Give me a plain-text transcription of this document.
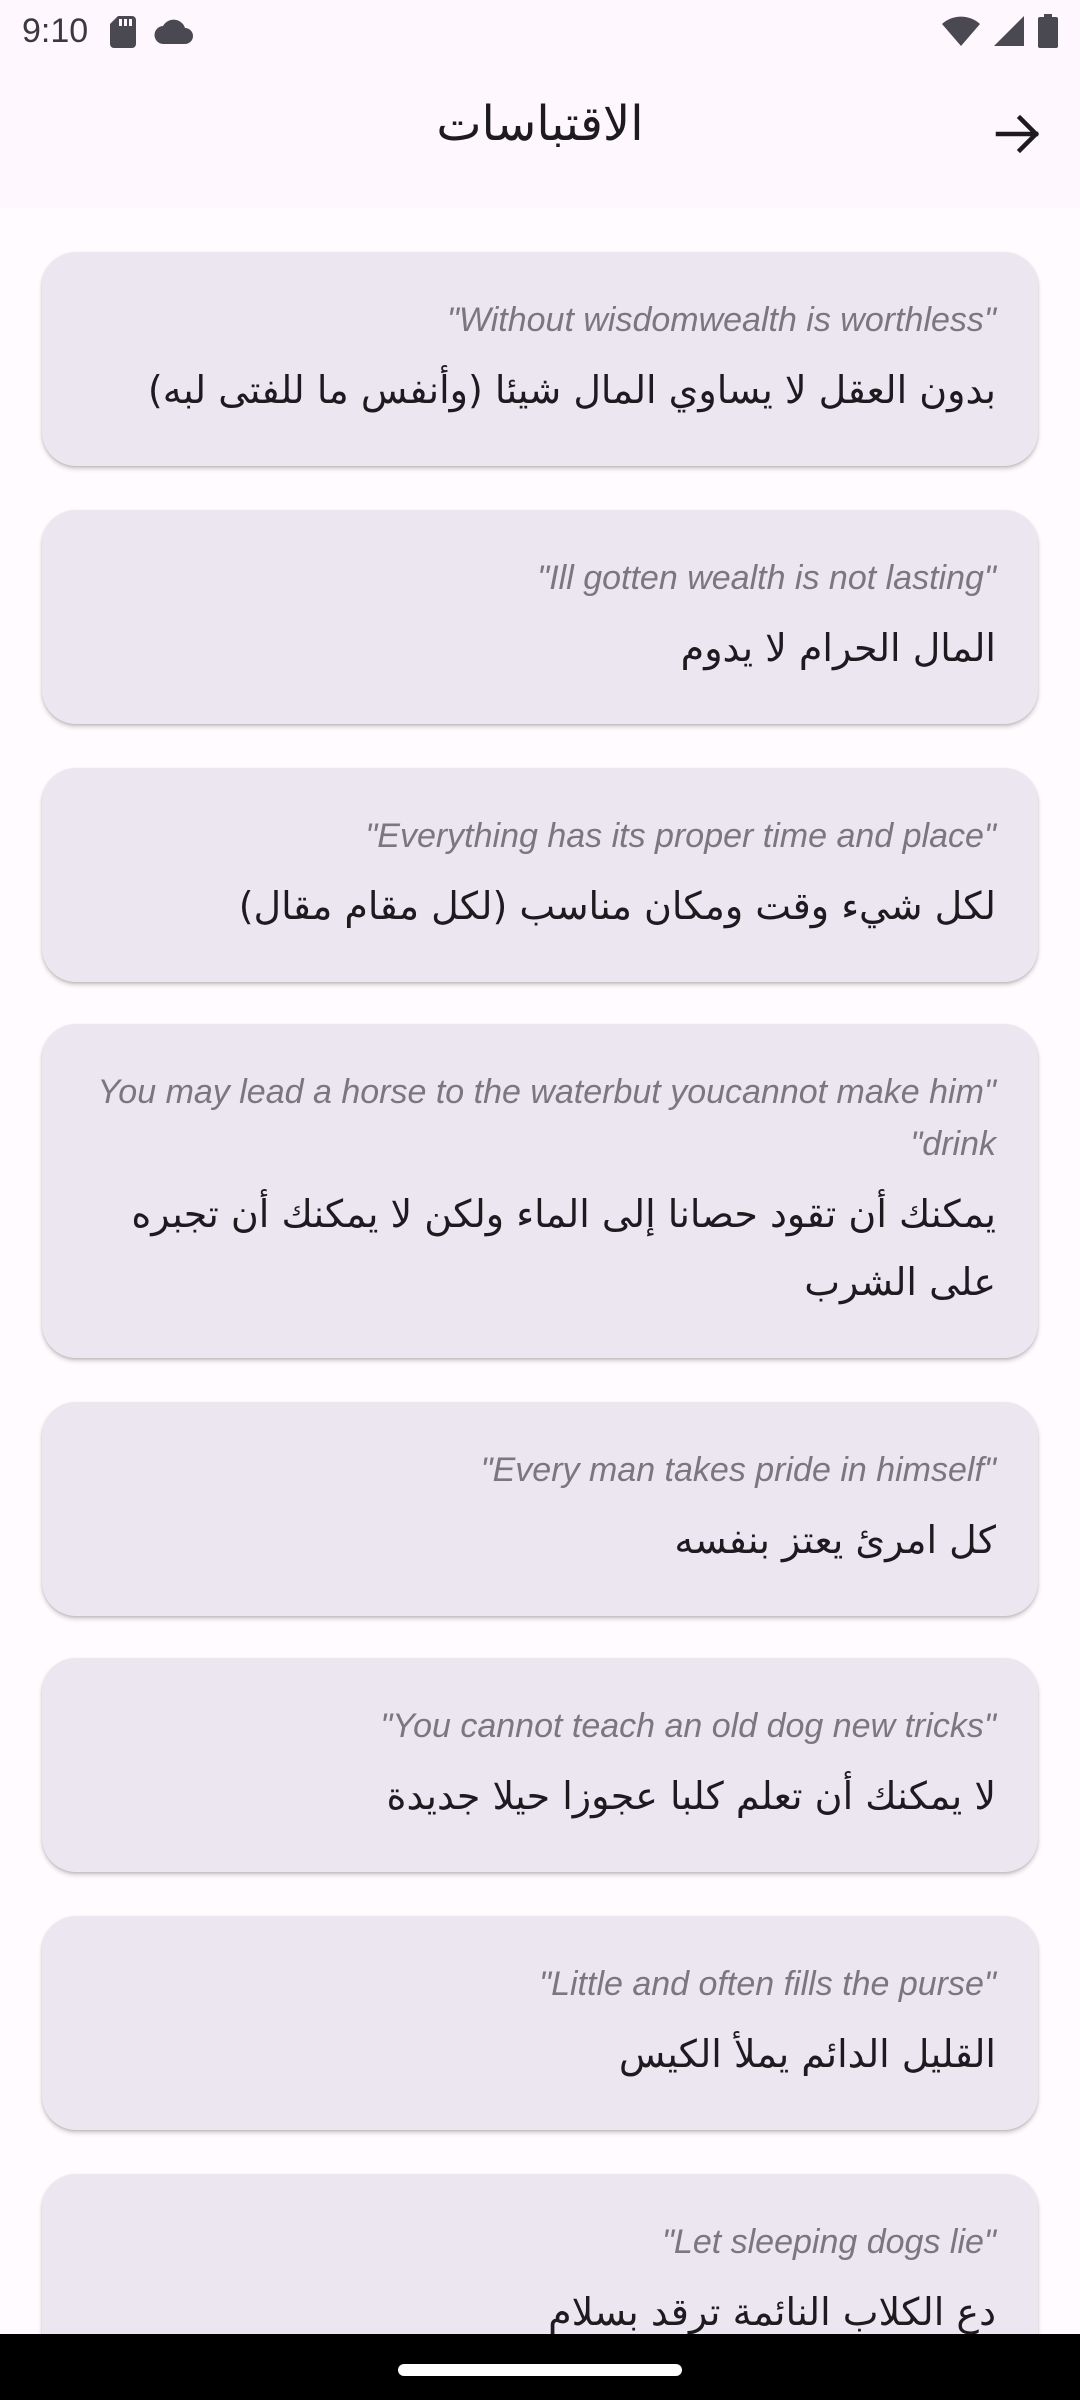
9:10
الاقتباسات
"Without wisdomwealth is worthless"
بدون العقل لا يساوي المال شيئا (وأنفس ما للفتى لبه)
"Ill gotten wealth is not lasting"
المال الحرام لا يدوم
"Everything has its proper time and place"
لكل شيء وقت ومكان مناسب (لكل مقام مقال)
"You may lead a horse to the waterbut youcannot make him drink"
يمكنك أن تقود حصانا إلى الماء ولكن لا يمكنك أن تجبره على الشرب
"Every man takes pride in himself"
كل امرئ يعتز بنفسه
"You cannot teach an old dog new tricks"
لا يمكنك أن تعلم كلبا عجوزا حيلا جديدة
"Little and often fills the purse"
القليل الدائم يملأ الكيس
"Let sleeping dogs lie"
دع الكلاب النائمة ترقد بسلام
